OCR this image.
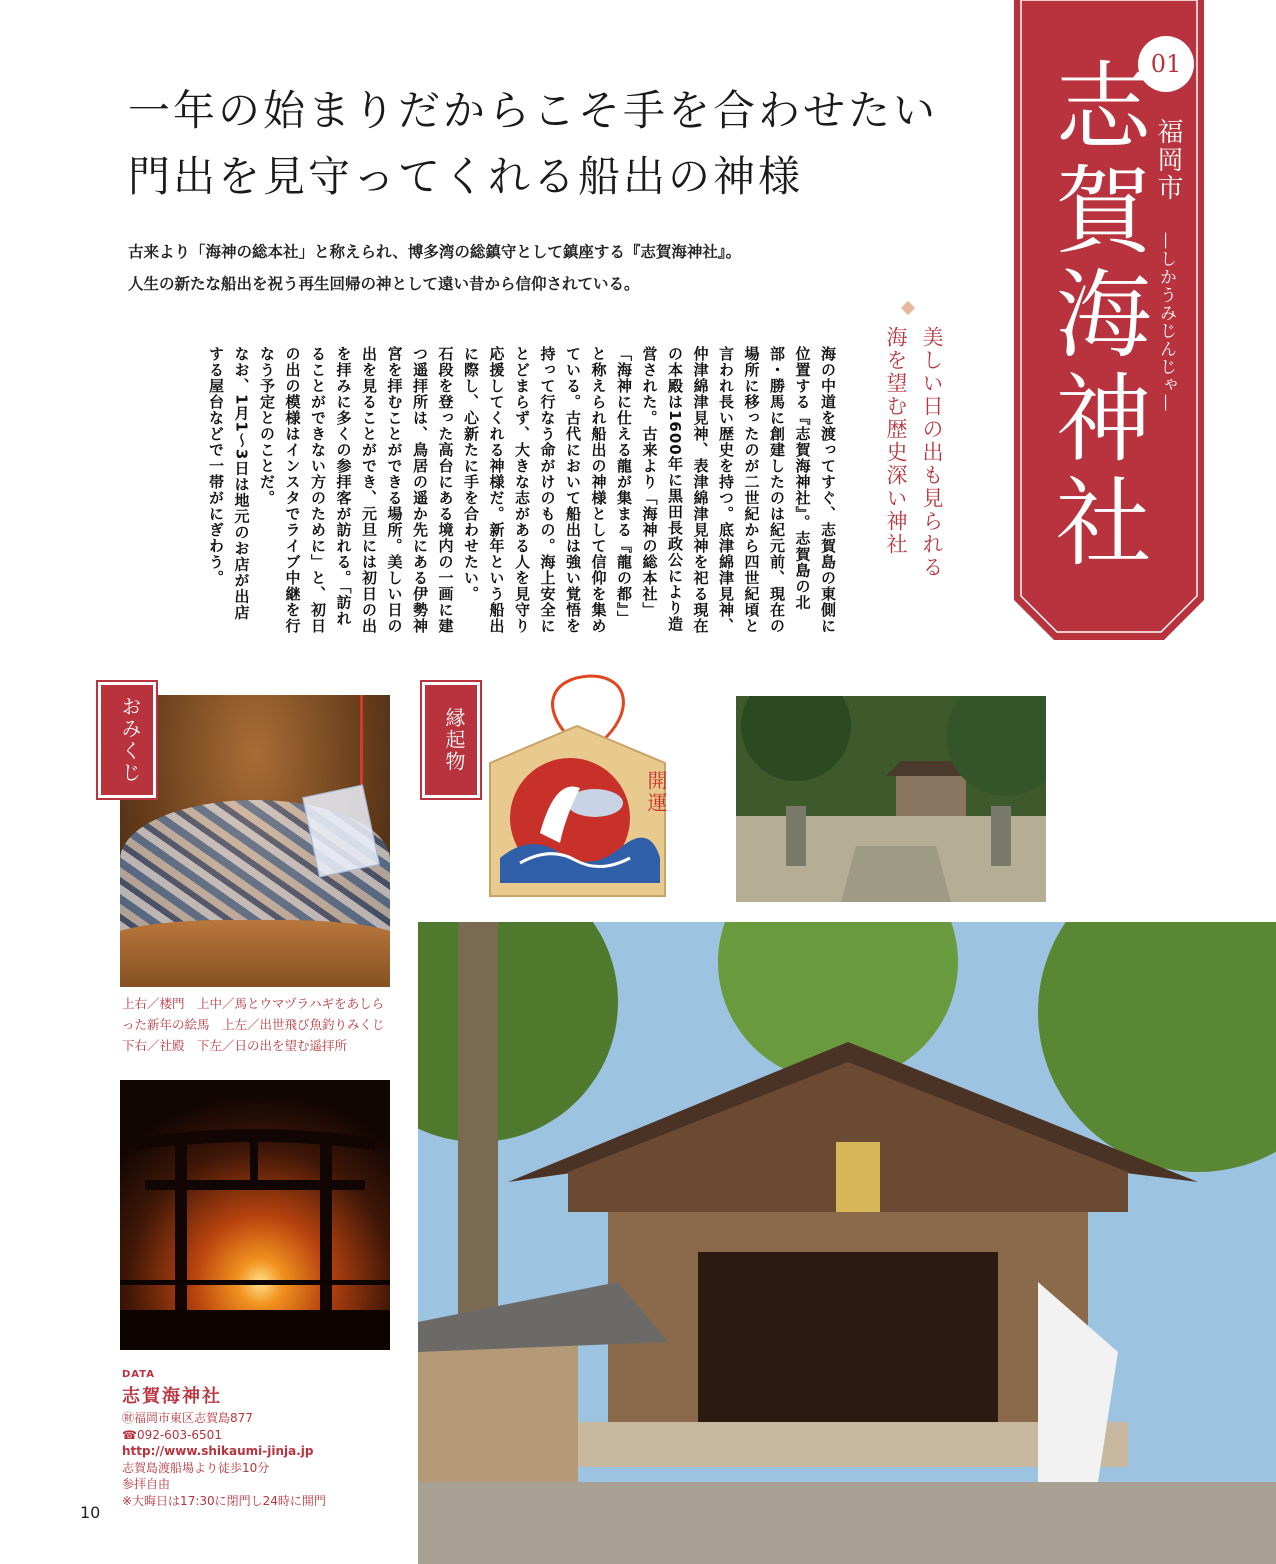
一年の始まりだからこそ手を合わせたい
門出を見守ってくれる船出の神様
古来より「海神の総本社」と称えられ、博多湾の総鎮守として鎮座する『志賀海神社』。
人生の新たな船出を祝う再生回帰の神として遠い昔から信仰されている。
01
志賀海神社 福岡市
—しかうみじんじゃ—
美しい日の出も見られる
海を望む歴史深い神社

海の中道を渡ってすぐ、志賀島の東側に位置する『志賀海神社』。志賀島の北部・勝馬に創建したのは紀元前、現在の場所に移ったのが二世紀から四世紀頃と言われ長い歴史を持つ。底津綿津見神、仲津綿津見神、表津綿津見神を祀る現在の本殿は1600年に黒田長政公により造営された。古来より「海神の総本社」「海神に仕える龍が集まる『龍の都』」と称えられ船出の神様として信仰を集めている。古代において船出は強い覚悟を持って行なう命がけのもの。海上安全にとどまらず、大きな志がある人を見守り応援してくれる神様だ。新年という船出に際し、心新たに手を合わせたい。

石段を登った高台にある境内の一画に建つ遥拝所は、鳥居の遥か先にある伊勢神宮を拝むことができる場所。美しい日の出を見ることができ、元旦には初日の出を拝みに多くの参拝客が訪れる。「訪れることができない方のために」と、初日の出の模様はインスタでライブ中継を行なう予定とのことだ。

なお、1月1〜3日は地元のお店が出店する屋台などで一帯がにぎわう。

おみくじ
開運
縁起物
上右／楼門　上中／馬とウマヅラハギをあしらった新年の絵馬　上左／出世飛び魚釣りみくじ　下右／社殿　下左／日の出を望む遥拝所
DATA
志賀海神社
㊖福岡市東区志賀島877
☎092-603-6501
http://www.shikaumi-jinja.jp
志賀島渡船場より徒歩10分
参拝自由
※大晦日は17:30に閉門し24時に開門
10
